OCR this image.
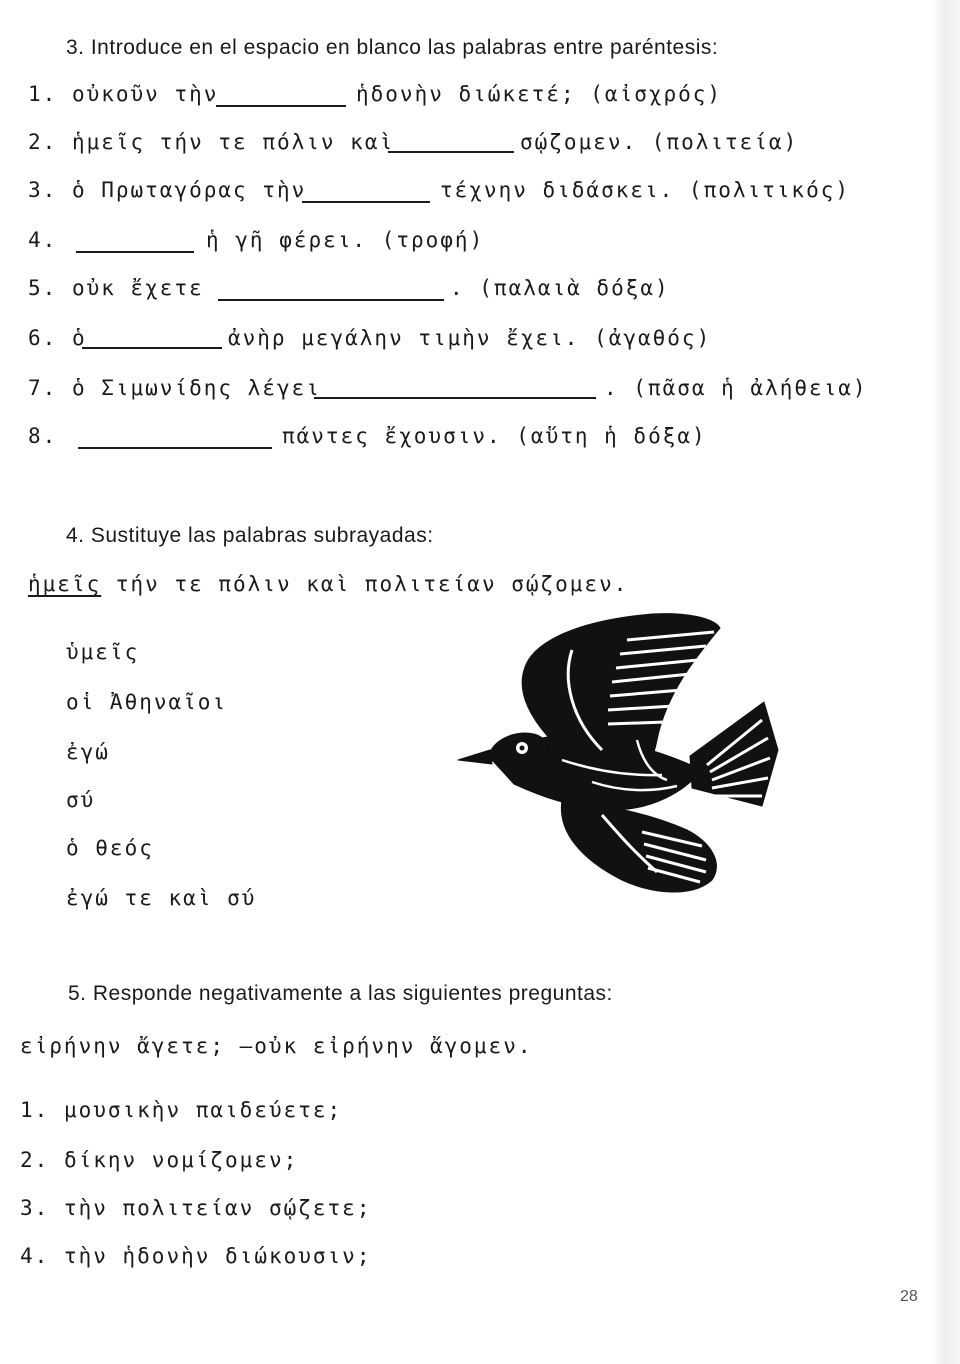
3. Introduce en el espacio en blanco las palabras entre paréntesis:

1. οὐκοῦν τὴν	ἡδονὴν διώκετέ; (αἰσχρός)

2. ἡμεῖς τήν τε πόλιν καὶ	σῴζομεν. (πολιτεία)

3. ὁ Πρωταγόρας τὴν	τέχνην διδάσκει. (πολιτικός)

4.	ἡ γῆ φέρει. (τροφή)

5. οὐκ ἔχετε	. (παλαιὰ δόξα)

6. ὁ	ἀνὴρ μεγάλην τιμὴν ἔχει. (ἀγαθός)

7. ὁ Σιμωνίδης λέγει	. (πᾶσα ἡ ἀλήθεια)

8.	πάντες ἔχουσιν. (αὕτη ἡ δόξα)

4. Sustituye las palabras subrayadas:

ἡμεῖς τήν τε πόλιν καὶ πολιτείαν σῴζομεν.

ὑμεῖς

οἱ Ἀθηναῖοι

ἐγώ

σύ

ὁ θεός

ἐγώ τε καὶ σύ

5. Responde negativamente a las siguientes preguntas:

εἰρήνην ἄγετε; –οὐκ εἰρήνην ἄγομεν.

1. μουσικὴν παιδεύετε;

2. δίκην νομίζομεν;

3. τὴν πολιτείαν σῴζετε;

4. τὴν ἡδονὴν διώκουσιν;

28
